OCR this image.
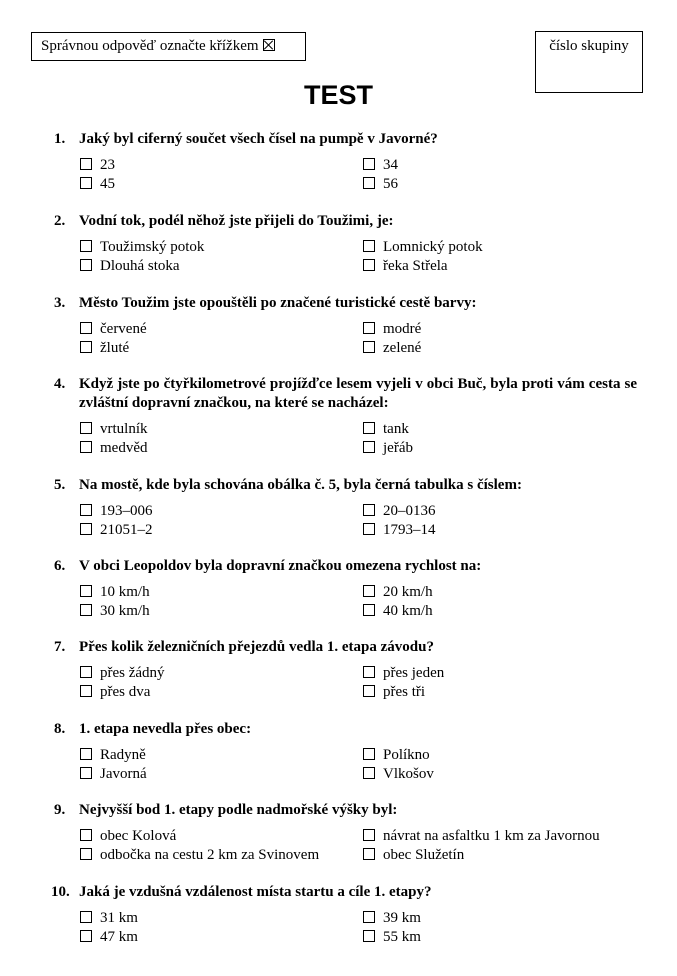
Správnou odpověď označte křížkem	číslo skupiny
TEST
1. Jaký byl ciferný součet všech čísel na pumpě v Javorné?
23	34
45	56
2. Vodní tok, podél něhož jste přijeli do Toužimi, je:
Toužimský potok	Lomnický potok
Dlouhá stoka	řeka Střela
3. Město Toužim jste opouštěli po značené turistické cestě barvy:
červené	modré
žluté	zelené
4. Když jste po čtyřkilometrové projížďce lesem vyjeli v obci Buč, byla proti vám cesta se zvláštní dopravní značkou, na které se nacházel:
vrtulník	tank
medvěd	jeřáb
5. Na mostě, kde byla schována obálka č. 5, byla černá tabulka s číslem:
193–006	20–0136
21051–2	1793–14
6. V obci Leopoldov byla dopravní značkou omezena rychlost na:
10 km/h	20 km/h
30 km/h	40 km/h
7. Přes kolik železničních přejezdů vedla 1. etapa závodu?
přes žádný	přes jeden
přes dva	přes tři
8. 1. etapa nevedla přes obec:
Radyně	Políkno
Javorná	Vlkošov
9. Nejvyšší bod 1. etapy podle nadmořské výšky byl:
obec Kolová	návrat na asfaltku 1 km za Javornou
odbočka na cestu 2 km za Svinovem	obec Služetín
10. Jaká je vzdušná vzdálenost místa startu a cíle 1. etapy?
31 km	39 km
47 km	55 km
